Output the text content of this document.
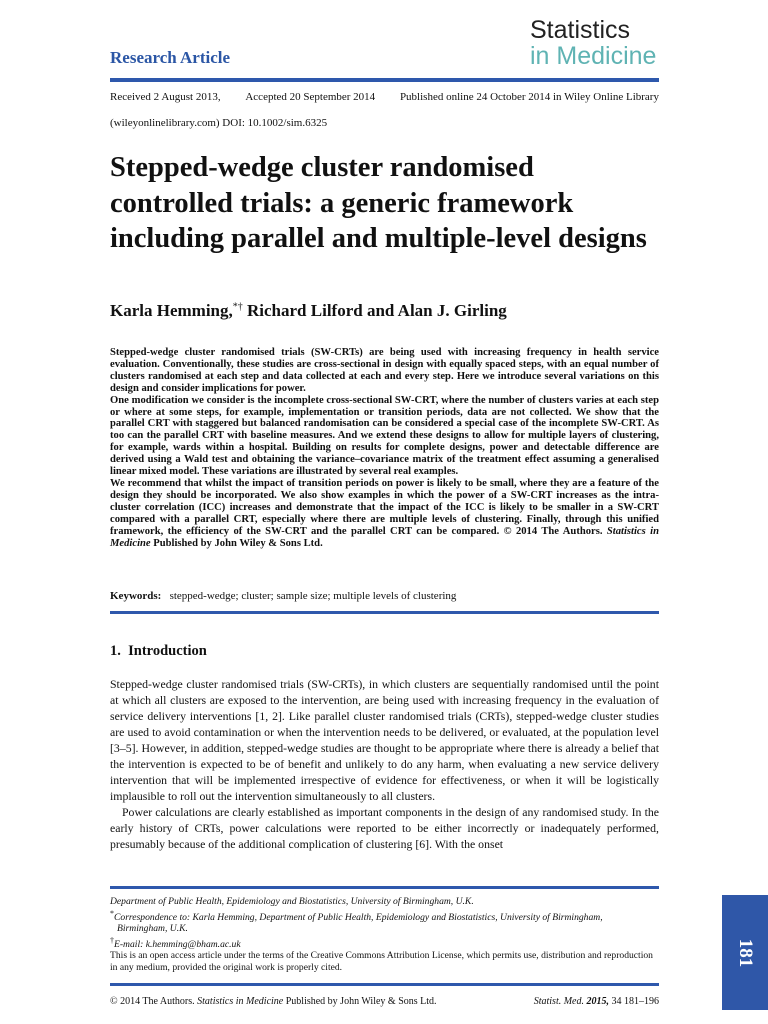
Statistics
in Medicine
Research Article
Received 2 August 2013, Accepted 20 September 2014 Published online 24 October 2014 in Wiley Online Library
(wileyonlinelibrary.com) DOI: 10.1002/sim.6325
Stepped-wedge cluster randomised controlled trials: a generic framework including parallel and multiple-level designs
Karla Hemming,*† Richard Lilford and Alan J. Girling

Stepped-wedge cluster randomised trials (SW-CRTs) are being used with increasing frequency in health service evaluation. Conventionally, these studies are cross-sectional in design with equally spaced steps, with an equal number of clusters randomised at each step and data collected at each and every step. Here we introduce several variations on this design and consider implications for power.

One modification we consider is the incomplete cross-sectional SW-CRT, where the number of clusters varies at each step or where at some steps, for example, implementation or transition periods, data are not collected. We show that the parallel CRT with staggered but balanced randomisation can be considered a special case of the incomplete SW-CRT. As too can the parallel CRT with baseline measures. And we extend these designs to allow for multiple layers of clustering, for example, wards within a hospital. Building on results for complete designs, power and detectable difference are derived using a Wald test and obtaining the variance–covariance matrix of the treatment effect assuming a generalised linear mixed model. These variations are illustrated by several real examples.

We recommend that whilst the impact of transition periods on power is likely to be small, where they are a feature of the design they should be incorporated. We also show examples in which the power of a SW-CRT increases as the intra-cluster correlation (ICC) increases and demonstrate that the impact of the ICC is likely to be smaller in a SW-CRT compared with a parallel CRT, especially where there are multiple levels of clustering. Finally, through this unified framework, the efficiency of the SW-CRT and the parallel CRT can be compared. © 2014 The Authors. Statistics in Medicine Published by John Wiley & Sons Ltd.

Keywords: stepped-wedge; cluster; sample size; multiple levels of clustering
1. Introduction

Stepped-wedge cluster randomised trials (SW-CRTs), in which clusters are sequentially randomised until the point at which all clusters are exposed to the intervention, are being used with increasing frequency in the evaluation of service delivery interventions [1, 2]. Like parallel cluster randomised trials (CRTs), stepped-wedge cluster studies are used to avoid contamination or when the intervention needs to be delivered, or evaluated, at the population level [3–5]. However, in addition, stepped-wedge studies are thought to be appropriate where there is already a belief that the intervention is expected to be of benefit and unlikely to do any harm, when evaluating a new service delivery intervention that will be implemented irrespective of evidence for effectiveness, or when it will be logistically implausible to roll out the intervention simultaneously to all clusters.

Power calculations are clearly established as important components in the design of any randomised study. In the early history of CRTs, power calculations were reported to be either incorrectly or inadequately performed, presumably because of the additional complication of clustering [6]. With the onset

Department of Public Health, Epidemiology and Biostatistics, University of Birmingham, U.K.
*Correspondence to: Karla Hemming, Department of Public Health, Epidemiology and Biostatistics, University of Birmingham,
Birmingham, U.K.
†E-mail: k.hemming@bham.ac.uk
This is an open access article under the terms of the Creative Commons Attribution License, which permits use, distribution and reproduction in any medium, provided the original work is properly cited.
© 2014 The Authors. Statistics in Medicine Published by John Wiley & Sons Ltd.	Statist. Med. 2015, 34 181–196
181
